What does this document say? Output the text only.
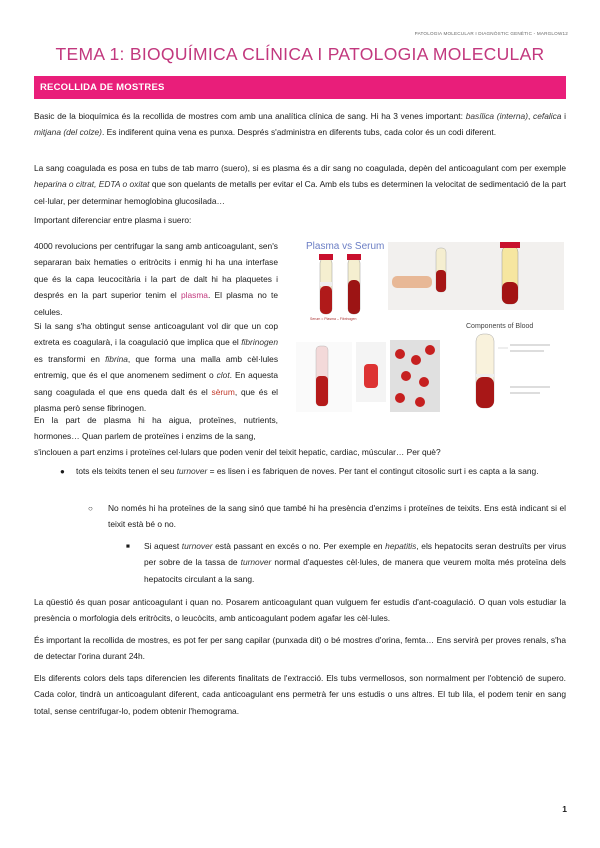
PATOLOGIA MOLECULAR I DIAGNÒSTIC GENÈTIC - MARGLOW12
TEMA 1: BIOQUÍMICA CLÍNICA I PATOLOGIA MOLECULAR
RECOLLIDA DE MOSTRES

Basic de la bioquímica és la recollida de mostres com amb una analítica clínica de sang. Hi ha 3 venes important: basílica (interna), cefalica i mitjana (del colze). Es indiferent quina vena es punxa. Després s'administra en diferents tubs, cada color és un codi diferent.

La sang coagulada es posa en tubs de tab marro (suero), si es plasma és a dir sang no coagulada, depèn del anticoagulant com per exemple heparina o citrat, EDTA o oxitat que son quelants de metalls per evitar el Ca. Amb els tubs es determinen la velocitat de sedimentació de la part cel·lular, per determinar hemoglobina glucosilada…

Important diferenciar entre plasma i suero:

4000 revolucions per centrifugar la sang amb anticoagulant, sen's separaran baix hematies o eritròcits i enmig hi ha una interfase que és la capa leucocitària i la part de dalt hi ha plaquetes i després en la part superior tenim el plasma. El plasma no te celules.

Si la sang s'ha obtingut sense anticoagulant vol dir que un cop extreta es coagularà, i la coagulació que implica que el fibrinogen es transformi en fibrina, que forma una malla amb cèl·lules entremig, que és el que anomenem sediment o clot. En aquesta sang coagulada el que ens queda dalt és el sèrum, que és el plasma però sense fibrinogen.

En la part de plasma hi ha aigua, proteïnes, nutrients, hormones… Quan parlem de proteïnes i enzims de la sang,

s'inclouen a part enzims i proteïnes cel·lulars que poden venir del teixit hepatic, cardiac, múscular… Per què?

Plasma vs Serum
Serum = Plasma – Fibrinogen
Components of Blood
● tots els teixits tenen el seu turnover = es lisen i es fabriquen de noves. Per tant el contingut citosolic surt i es capta a la sang.

○ No només hi ha proteïnes de la sang sinó que també hi ha presència d'enzims i proteïnes de teixits. Ens està indicant si el teixit està bé o no.

■ Si aquest turnover està passant en excés o no. Per exemple en hepatitis, els hepatocits seran destruïts per virus per sobre de la tassa de turnover normal d'aquestes cèl·lules, de manera que veurem molta més proteïna dels hepatocits circulant a la sang.

La qüestió és quan posar anticoagulant i quan no. Posarem anticoagulant quan vulguem fer estudis d'ant-coagulació. O quan vols estudiar la presència o morfologia dels eritròcits, o leucòcits, amb anticoagulant podem agafar les cèl·lules.

És important la recollida de mostres, es pot fer per sang capilar (punxada dit) o bé mostres d'orina, femta… Ens servirà per proves renals, s'ha de detectar l'orina durant 24h.

Els diferents colors dels taps diferencien les diferents finalitats de l'extracció. Els tubs vermellosos, son normalment per l'obtenció de supero. Cada color, tindrà un anticoagulant diferent, cada anticoagulant ens permetrà fer uns estudis o uns altres. El tub lila, el podem tenir en sang total, sense centrifugar-lo, podem obtenir l'hemograma.

1
